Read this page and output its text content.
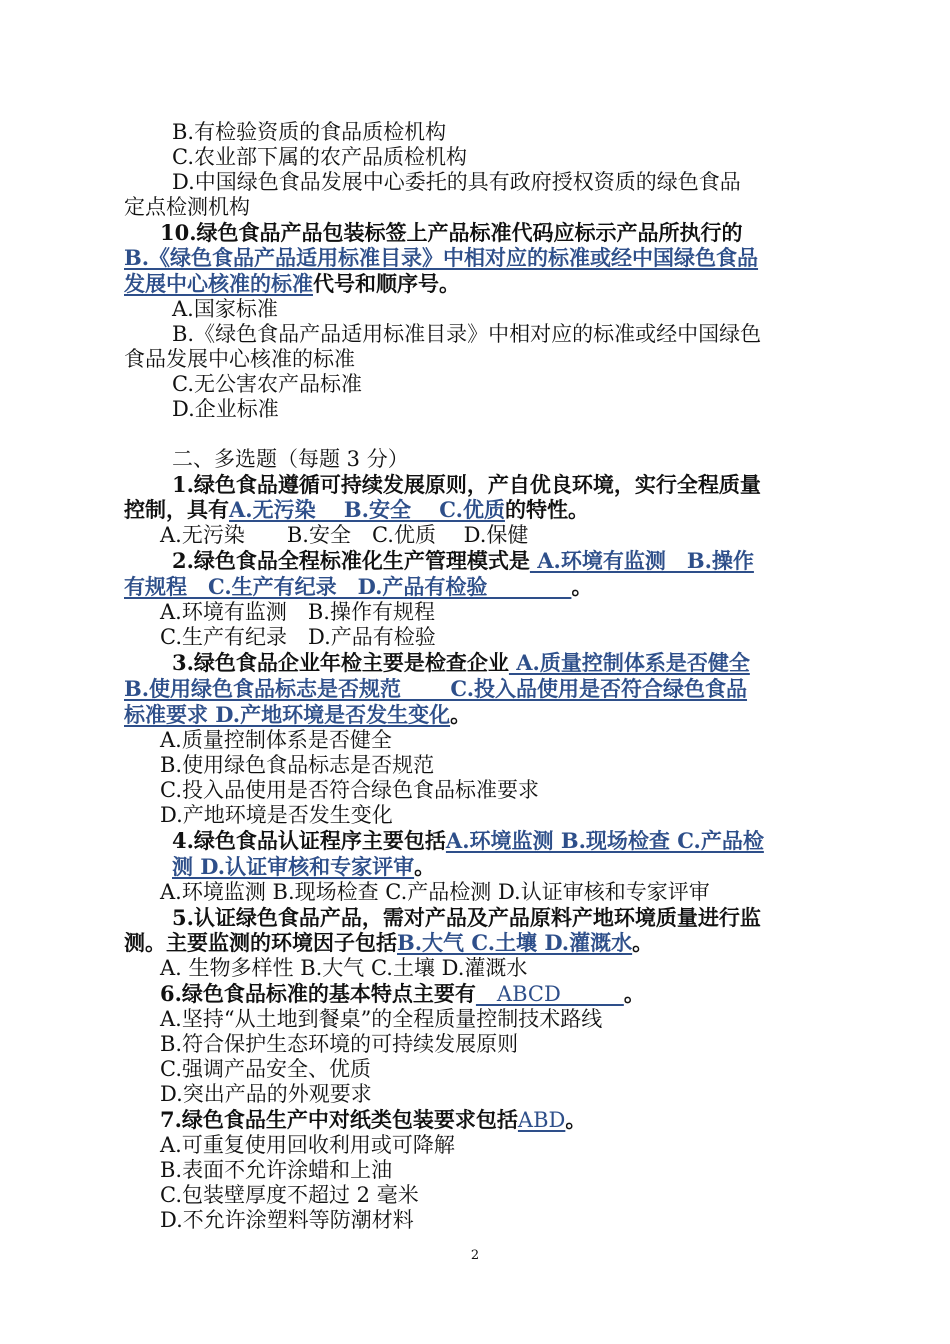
B.有检验资质的食品质检机构
C.农业部下属的农产品质检机构
D.中国绿色食品发展中心委托的具有政府授权资质的绿色食品
定点检测机构
10.绿色食品产品包装标签上产品标准代码应标示产品所执行的
B.《绿色食品产品适用标准目录》中相对应的标准或经中国绿色食品
发展中心核准的标准代号和顺序号。
A.国家标准
B.《绿色食品产品适用标准目录》中相对应的标准或经中国绿色
食品发展中心核准的标准
C.无公害农产品标准
D.企业标准
二、多选题（每题 3 分）
1.绿色食品遵循可持续发展原则，产自优良环境，实行全程质量
控制，具有A.无污染 　B.安全 　C.优质的特性。
A.无污染　　B.安全　C.优质　 D.保健
2.绿色食品全程标准化生产管理模式是 A.环境有监测　B.操作
有规程　C.生产有纪录　D.产品有检验　　　　。
A.环境有监测　B.操作有规程
C.生产有纪录　D.产品有检验
3.绿色食品企业年检主要是检查企业 A.质量控制体系是否健全
B.使用绿色食品标志是否规范 　　C.投入品使用是否符合绿色食品
标准要求 D.产地环境是否发生变化。
A.质量控制体系是否健全
B.使用绿色食品标志是否规范
C.投入品使用是否符合绿色食品标准要求
D.产地环境是否发生变化
4.绿色食品认证程序主要包括A.环境监测 B.现场检查 C.产品检
测 D.认证审核和专家评审。
A.环境监测 B.现场检查 C.产品检测 D.认证审核和专家评审
5.认证绿色食品产品，需对产品及产品原料产地环境质量进行监
测。主要监测的环境因子包括B.大气 C.土壤 D.灌溉水。
A. 生物多样性 B.大气 C.土壤 D.灌溉水
6.绿色食品标准的基本特点主要有　ABCD　　　。
A.坚持“从土地到餐桌”的全程质量控制技术路线
B.符合保护生态环境的可持续发展原则
C.强调产品安全、优质
D.突出产品的外观要求
7.绿色食品生产中对纸类包装要求包括ABD。
A.可重复使用回收利用或可降解
B.表面不允许涂蜡和上油
C.包装壁厚度不超过 2 毫米
D.不允许涂塑料等防潮材料
2
